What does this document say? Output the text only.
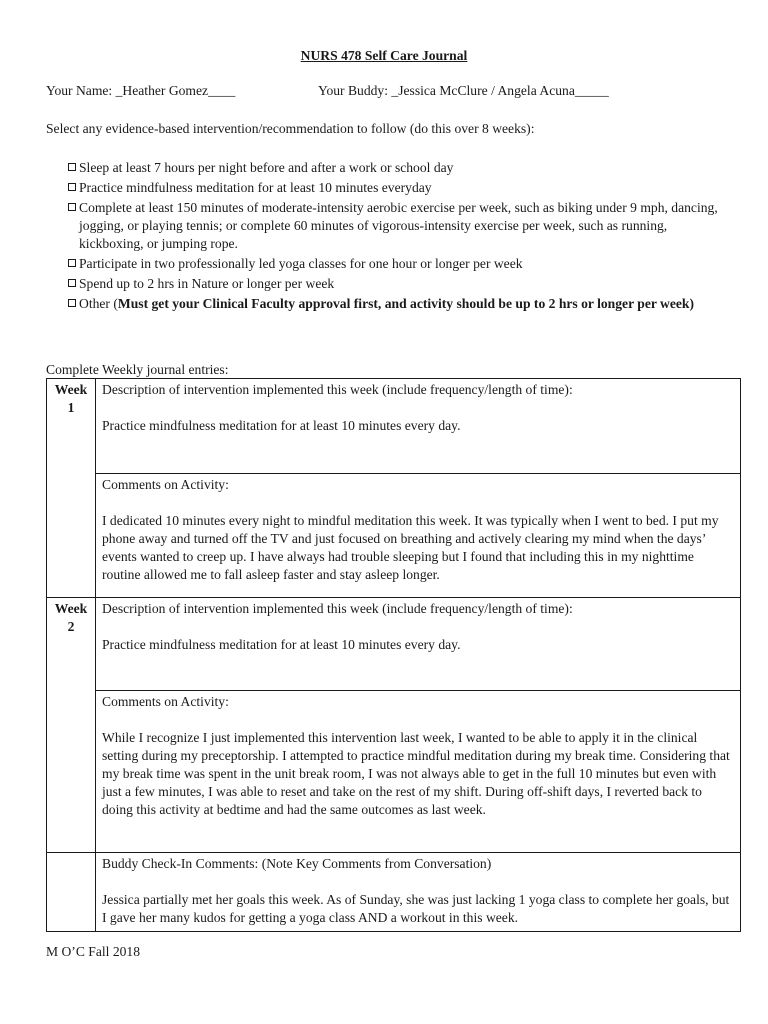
NURS 478 Self Care Journal
Your Name: _Heather Gomez____	Your Buddy: _Jessica McClure / Angela Acuna_____
Select any evidence-based intervention/recommendation to follow (do this over 8 weeks):
Sleep at least 7 hours per night before and after a work or school day
Practice mindfulness meditation for at least 10 minutes everyday
Complete at least 150 minutes of moderate-intensity aerobic exercise per week, such as biking under 9 mph, dancing, jogging, or playing tennis; or complete 60 minutes of vigorous-intensity exercise per week, such as running, kickboxing, or jumping rope.
Participate in two professionally led yoga classes for one hour or longer per week
Spend up to 2 hrs in Nature or longer per week
Other (Must get your Clinical Faculty approval first, and activity should be up to 2 hrs or longer per week)
Complete Weekly journal entries:
Week 1	Description of intervention implemented this week (include frequency/length of time):

Practice mindfulness meditation for at least 10 minutes every day.

	Comments on Activity:

I dedicated 10 minutes every night to mindful meditation this week. It was typically when I went to bed. I put my phone away and turned off the TV and just focused on breathing and actively clearing my mind when the days’ events wanted to creep up. I have always had trouble sleeping but I found that including this in my nighttime routine allowed me to fall asleep faster and stay asleep longer.

Week 2	Description of intervention implemented this week (include frequency/length of time):

Practice mindfulness meditation for at least 10 minutes every day.

	Comments on Activity:

While I recognize I just implemented this intervention last week, I wanted to be able to apply it in the clinical setting during my preceptorship. I attempted to practice mindful meditation during my break time. Considering that my break time was spent in the unit break room, I was not always able to get in the full 10 minutes but even with just a few minutes, I was able to reset and take on the rest of my shift. During off-shift days, I reverted back to doing this activity at bedtime and had the same outcomes as last week.

	Buddy Check-In Comments: (Note Key Comments from Conversation)

Jessica partially met her goals this week. As of Sunday, she was just lacking 1 yoga class to complete her goals, but I gave her many kudos for getting a yoga class AND a workout in this week.

M O’C Fall 2018
